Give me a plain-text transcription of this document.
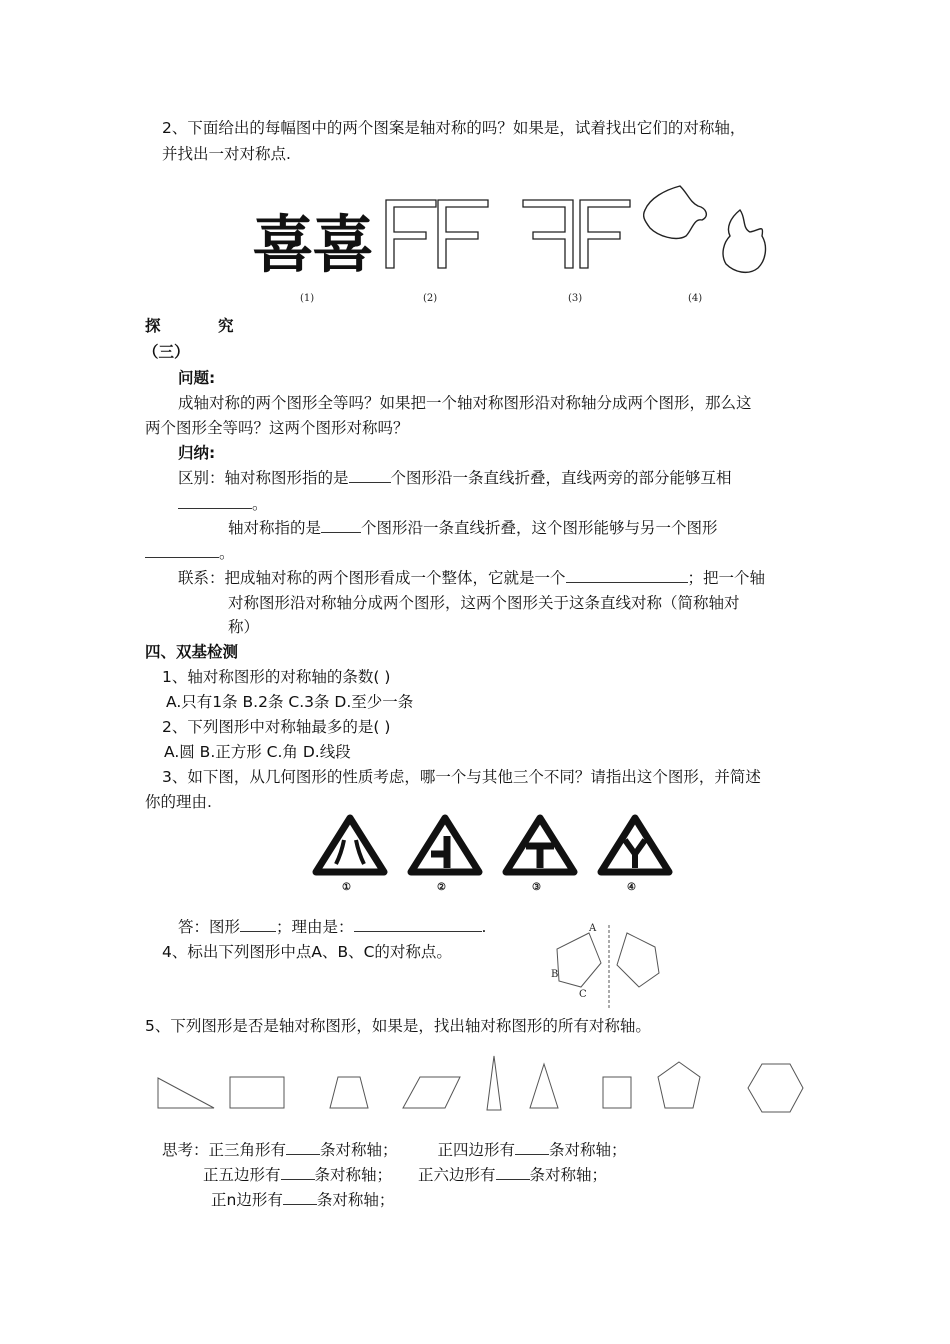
2、下面给出的每幅图中的两个图案是轴对称的吗？如果是，试着找出它们的对称轴，
并找出一对对称点.
喜
喜
(1)	(2)	(3)	(4)
探	究
（三）
问题:
成轴对称的两个图形全等吗？如果把一个轴对称图形沿对称轴分成两个图形，那么这
两个图形全等吗？这两个图形对称吗？
归纳:
区别：轴对称图形指的是	个图形沿一条直线折叠，直线两旁的部分能够互相
。
轴对称指的是	个图形沿一条直线折叠，这个图形能够与另一个图形
。
联系：把成轴对称的两个图形看成一个整体，它就是一个	；把一个轴
对称图形沿对称轴分成两个图形，这两个图形关于这条直线对称（简称轴对
称）
四、双基检测
1、轴对称图形的对称轴的条数( )
A.只有1条 B.2条 C.3条 D.至少一条
2、下列图形中对称轴最多的是( )
A.圆 B.正方形 C.角 D.线段
3、如下图，从几何图形的性质考虑，哪一个与其他三个不同？请指出这个图形，并简述
你的理由.
①	②	③	④
答：图形 ；理由是：	.
4、标出下列图形中点A、B、C的对称点。
A
B
C
5、下列图形是否是轴对称图形，如果是，找出轴对称图形的所有对称轴。
思考：正三角形有 条对称轴；	正四边形有 条对称轴；
正五边形有 条对称轴； 正六边形有 条对称轴；
正n边形有 条对称轴；
